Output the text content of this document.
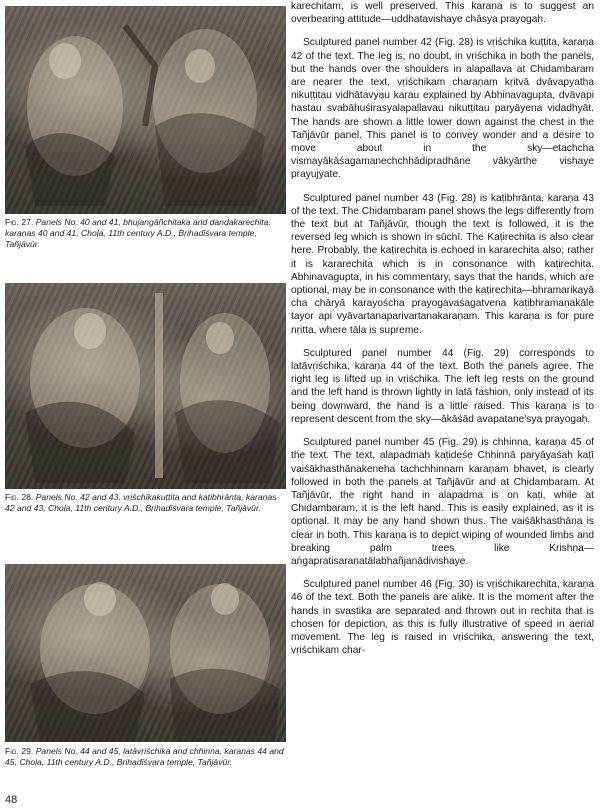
Fig. 27. Panels No. 40 and 41, bhujangāñchitaka and daṇḍakarechita, karaṇas 40 and 41, Choḷa, 11th century A.D., Bṛihadīśvara temple, Tañjāvūr.
Fig. 28. Panels No. 42 and 43, vṛiśchikakuṭṭita and kaṭibhrānta, karaṇas 42 and 43, Choḷa, 11th century A.D., Bṛihadīśvara temple, Tañjāvūr.
Fig. 29. Panels No. 44 and 45, latāvṛiśchika and chhinna, karanas 44 and 45, Choḷa, 11th century A.D., Bṛihadīśvara temple, Tañjāvūr.
48

karechitam, is well preserved. This karaṇa is to suggest an overbearing attitude—uddhatavishaye chāsya prayogaḥ.

Sculptured panel number 42 (Fig. 28) is vṛiśchika kuṭṭita, karaṇa 42 of the text. The leg is, no doubt, in vṛiśchika in both the panels, but the hands over the shoulders in alapallava at Chidambaram are nearer the text, vṛiśchikam charaṇam kṛitvā dvāvapyatha nikuṭṭitau vidhātavyau karau explained by Abhinavagupta, dvāvapi hastau svabāhuśirasyalapallavau nikuṭṭitau paryāyena vidadhyāt. The hands are shown a little lower down against the chest in the Tañjāvūr panel. This panel is to convey wonder and a desire to move about in the sky—etachcha vismayākāśagamanechchhādipradhāne vākyārthe vishaye prayujyate.

Sculptured panel number 43 (Fig. 28) is kaṭibhrānta, karaṇa 43 of the text. The Chidambaram panel shows the legs differently from the text but at Tañjāvūr, though the text is followed, it is the reversed leg which is shown in sūchī. The Kaṭirechita is also clear here. Probably, the kaṭirechita is echoed in kararechita also; rather it is kararechita which is in consonance with kaṭirechita. Abhinavagupta, in his commentary, says that the hands, which are optional, may be in consonance with the kaṭirechita—bhramarikayā cha chāryā karayoścha prayogavaśagatvena kaṭibhramaṇakāle tayor api vyāvartanaparivartanakaraṇam. This karaṇa is for pure nṛitta, where tāla is supreme.

Sculptured panel number 44 (Fig. 29) corresponds to latāvṛiśchika, karaṇa 44 of the text. Both the panels agree. The right leg is lifted up in vṛiśchika. The left leg rests on the ground and the left hand is thrown lightly in latā fashion, only instead of its being downward, the hand is a little raised. This karaṇa is to represent descent from the sky—ākāśād avapatane'sya prayogaḥ.

Sculptured panel number 45 (Fig. 29) is chhinna, karaṇa 45 of the text. The text, alapadmaḥ kaṭideśe Chhinnā paryāyaśaḥ kaṭī vaiśākhasthānakeneha tachchhinnam karaṇam bhavet, is clearly followed in both the panels at Tañjāvūr and at Chidambaram. At Tañjāvūr, the right hand in alapadma is on kaṭi, while at Chidambaram, it is the left hand. This is easily explained, as it is optional. It may be any hand shown thus. The vaiśākhasthāna is clear in both. This karaṇa is to depict wiping of wounded limbs and breaking palm trees like Krishṇa—aṅgapratisaraṇatālabhañjanādivishaye.

Sculptured panel number 46 (Fig. 30) is vṛiśchikarechita, karaṇa 46 of the text. Both the panels are alike. It is the moment after the hands in svastika are separated and thrown out in rechita that is chosen for depiction, as this is fully illustrative of speed in aerial movement. The leg is raised in vṛiśchika, answering the text, vṛiśchikam char-
